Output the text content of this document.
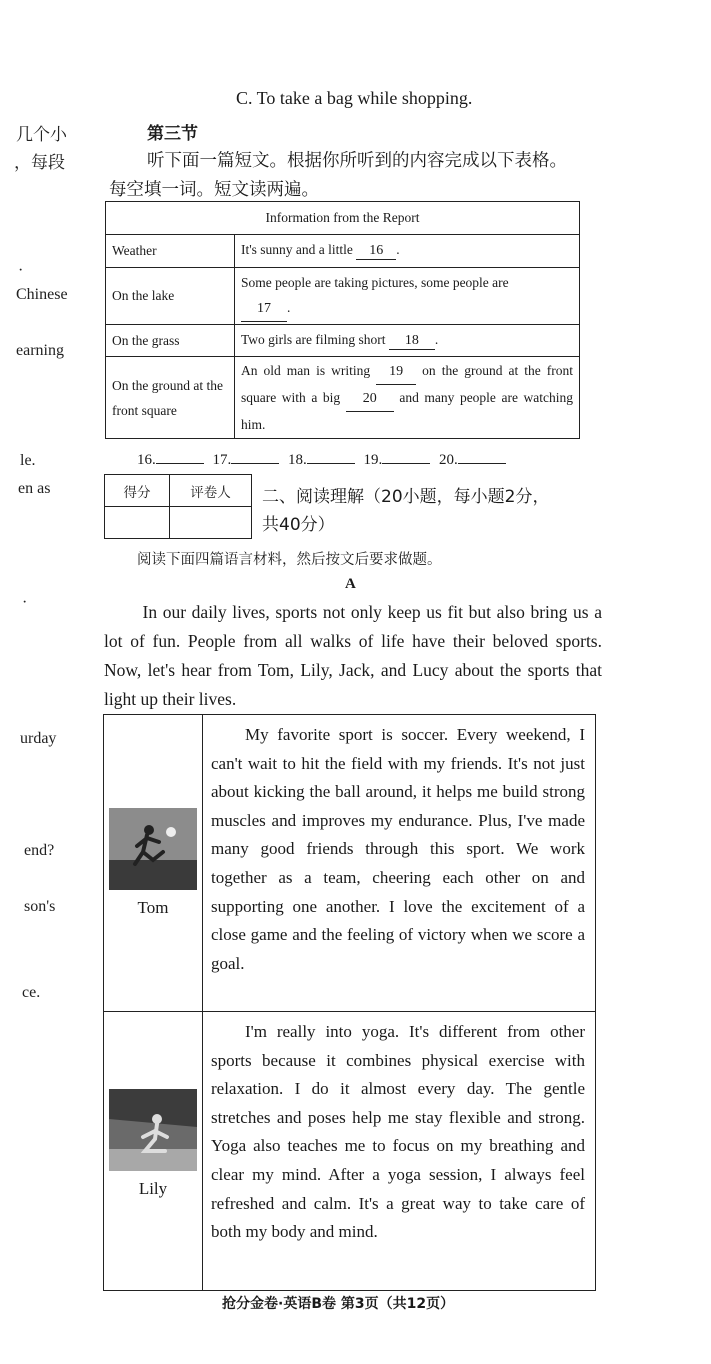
几个小
，每段
·
Chinese
earning
le.
en as
·
urday
end?
son's
ce.
C. To take a bag while shopping.
第三节
听下面一篇短文。根据你所听到的内容完成以下表格。
每空填一词。短文读两遍。
Information from the Report	
Weather	It's sunny and a little 16 .
On the lake	Some people are taking pictures, some people are
17 .
On the grass	Two girls are filming short 18 .
On the ground at the front square	An old man is writing 19 on the ground at the front square with a big 20 and many people are watching him.
16.	17.	18.	19.	20.
得分	评卷人
	二、阅读理解（20小题，每小题2分，
共40分）
阅读下面四篇语言材料，然后按文后要求做题。
A
In our daily lives, sports not only keep us fit but also bring us a lot of fun. People from all walks of life have their beloved sports. Now, let's hear from Tom, Lily, Jack, and Lucy about the sports that light up their lives.
Tom	My favorite sport is soccer. Every weekend, I can't wait to hit the field with my friends. It's not just about kicking the ball around, it helps me build strong muscles and improves my endurance. Plus, I've made many good friends through this sport. We work together as a team, cheering each other on and supporting one another. I love the excitement of a close game and the feeling of victory when we score a goal.

Lily	I'm really into yoga. It's different from other sports because it combines physical exercise with relaxation. I do it almost every day. The gentle stretches and poses help me stay flexible and strong. Yoga also teaches me to focus on my breathing and clear my mind. After a yoga session, I always feel refreshed and calm. It's a great way to take care of both my body and mind.
抢分金卷·英语B卷 第3页（共12页）
